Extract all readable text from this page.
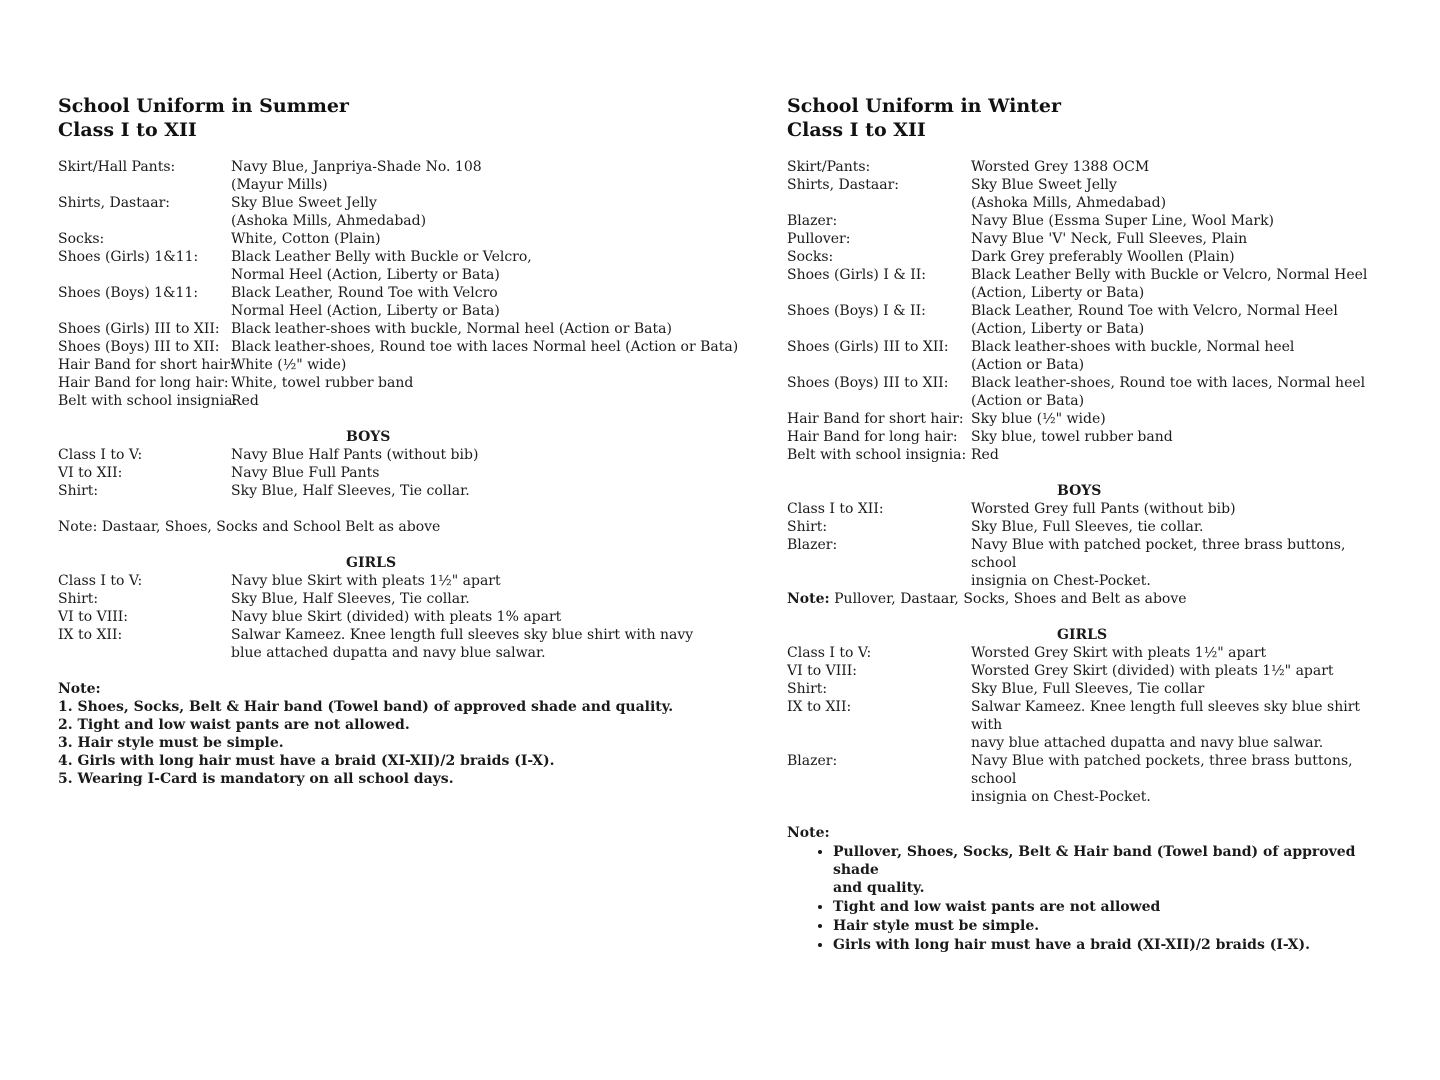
School Uniform in Summer
Class I to XII
Skirt/Hall Pants:	Navy Blue, Janpriya-Shade No. 108
(Mayur Mills)
Shirts, Dastaar:	Sky Blue Sweet Jelly
(Ashoka Mills, Ahmedabad)
Socks:	White, Cotton (Plain)
Shoes (Girls) 1&11:	Black Leather Belly with Buckle or Velcro,
Normal Heel (Action, Liberty or Bata)
Shoes (Boys) 1&11:	Black Leather, Round Toe with Velcro
Normal Heel (Action, Liberty or Bata)
Shoes (Girls) III to XII: Black leather-shoes with buckle, Normal heel (Action or Bata)
Shoes (Boys) III to XII: Black leather-shoes, Round toe with laces Normal heel (Action or Bata)
Hair Band for short hair:
White (½" wide)
Hair Band for long hair: White, towel rubber band
Belt with school insignia:
Red
BOYS
Class I to V:	Navy Blue Half Pants (without bib)
VI to XII:	Navy Blue Full Pants
Shirt:	Sky Blue, Half Sleeves, Tie collar.
Note: Dastaar, Shoes, Socks and School Belt as above
GIRLS
Class I to V:	Navy blue Skirt with pleats 1½" apart
Shirt:	Sky Blue, Half Sleeves, Tie collar.
VI to VIII:	Navy blue Skirt (divided) with pleats 1% apart
IX to XII:	Salwar Kameez. Knee length full sleeves sky blue shirt with navy
blue attached dupatta and navy blue salwar.
Note:
1. Shoes, Socks, Belt & Hair band (Towel band) of approved shade and quality.
2. Tight and low waist pants are not allowed.
3. Hair style must be simple.
4. Girls with long hair must have a braid (XI-XII)/2 braids (I-X).
5. Wearing I-Card is mandatory on all school days.
School Uniform in Winter
Class I to XII
Skirt/Pants:	Worsted Grey 1388 OCM
Shirts, Dastaar:	Sky Blue Sweet Jelly
(Ashoka Mills, Ahmedabad)
Blazer:	Navy Blue (Essma Super Line, Wool Mark)
Pullover:	Navy Blue 'V' Neck, Full Sleeves, Plain
Socks:	Dark Grey preferably Woollen (Plain)
Shoes (Girls) I & II:	Black Leather Belly with Buckle or Velcro, Normal Heel
(Action, Liberty or Bata)
Shoes (Boys) I & II:	Black Leather, Round Toe with Velcro, Normal Heel
(Action, Liberty or Bata)
Shoes (Girls) III to XII:	Black leather-shoes with buckle, Normal heel
(Action or Bata)
Shoes (Boys) III to XII:	Black leather-shoes, Round toe with laces, Normal heel
(Action or Bata)
Hair Band for short hair: Sky blue (½" wide)
Hair Band for long hair: Sky blue, towel rubber band
Belt with school insignia: Red
BOYS
Class I to XII:	Worsted Grey full Pants (without bib)
Shirt:	Sky Blue, Full Sleeves, tie collar.
Blazer:	Navy Blue with patched pocket, three brass buttons, school
insignia on Chest-Pocket.
Note: Pullover, Dastaar, Socks, Shoes and Belt as above
GIRLS
Class I to V:	Worsted Grey Skirt with pleats 1½" apart
VI to VIII:	Worsted Grey Skirt (divided) with pleats 1½" apart
Shirt:	Sky Blue, Full Sleeves, Tie collar
IX to XII:	Salwar Kameez. Knee length full sleeves sky blue shirt with
navy blue attached dupatta and navy blue salwar.
Blazer:	Navy Blue with patched pockets, three brass buttons, school
insignia on Chest-Pocket.
Note:
• Pullover, Shoes, Socks, Belt & Hair band (Towel band) of approved shade
and quality.
• Tight and low waist pants are not allowed
• Hair style must be simple.
• Girls with long hair must have a braid (XI-XII)/2 braids (I-X).
